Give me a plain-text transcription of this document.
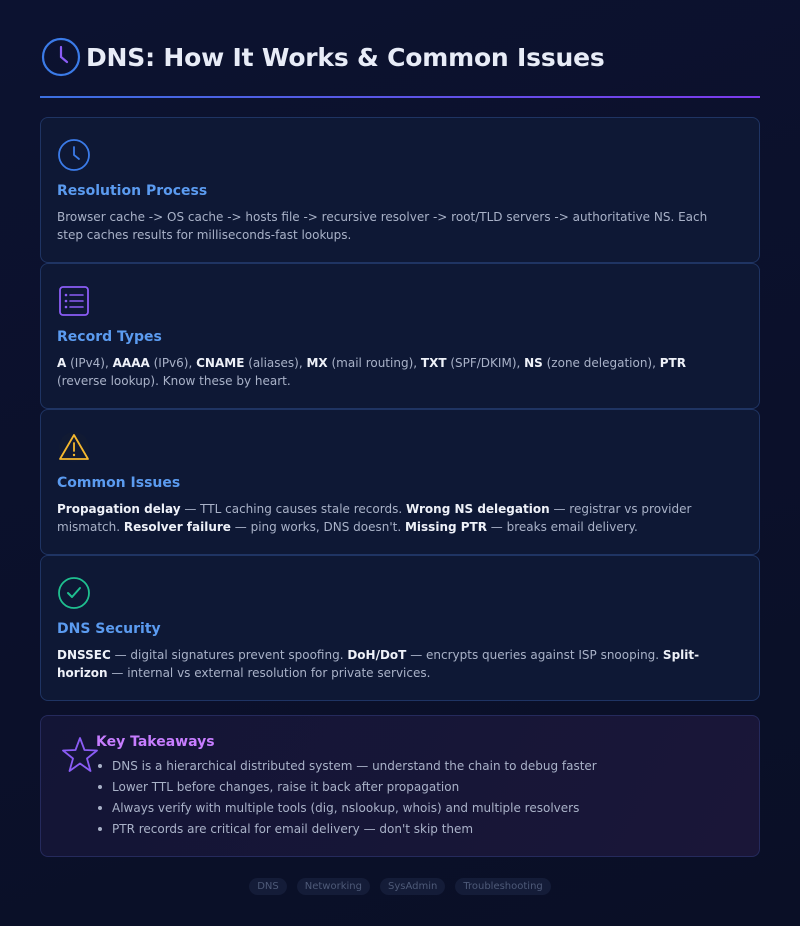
DNS: How It Works & Common Issues
Resolution Process

Browser cache -> OS cache -> hosts file -> recursive resolver -> root/TLD servers -> authoritative NS. Each step caches results for milliseconds-fast lookups.

Record Types

A (IPv4), AAAA (IPv6), CNAME (aliases), MX (mail routing), TXT (SPF/DKIM), NS (zone delegation), PTR (reverse lookup). Know these by heart.

Common Issues

Propagation delay — TTL caching causes stale records. Wrong NS delegation — registrar vs provider mismatch. Resolver failure — ping works, DNS doesn't. Missing PTR — breaks email delivery.

DNS Security

DNSSEC — digital signatures prevent spoofing. DoH/DoT — encrypts queries against ISP snooping. Split-horizon — internal vs external resolution for private services.

Key Takeaways
DNS is a hierarchical distributed system — understand the chain to debug faster
Lower TTL before changes, raise it back after propagation
Always verify with multiple tools (dig, nslookup, whois) and multiple resolvers
PTR records are critical for email delivery — don't skip them
DNS	Networking	SysAdmin	Troubleshooting
